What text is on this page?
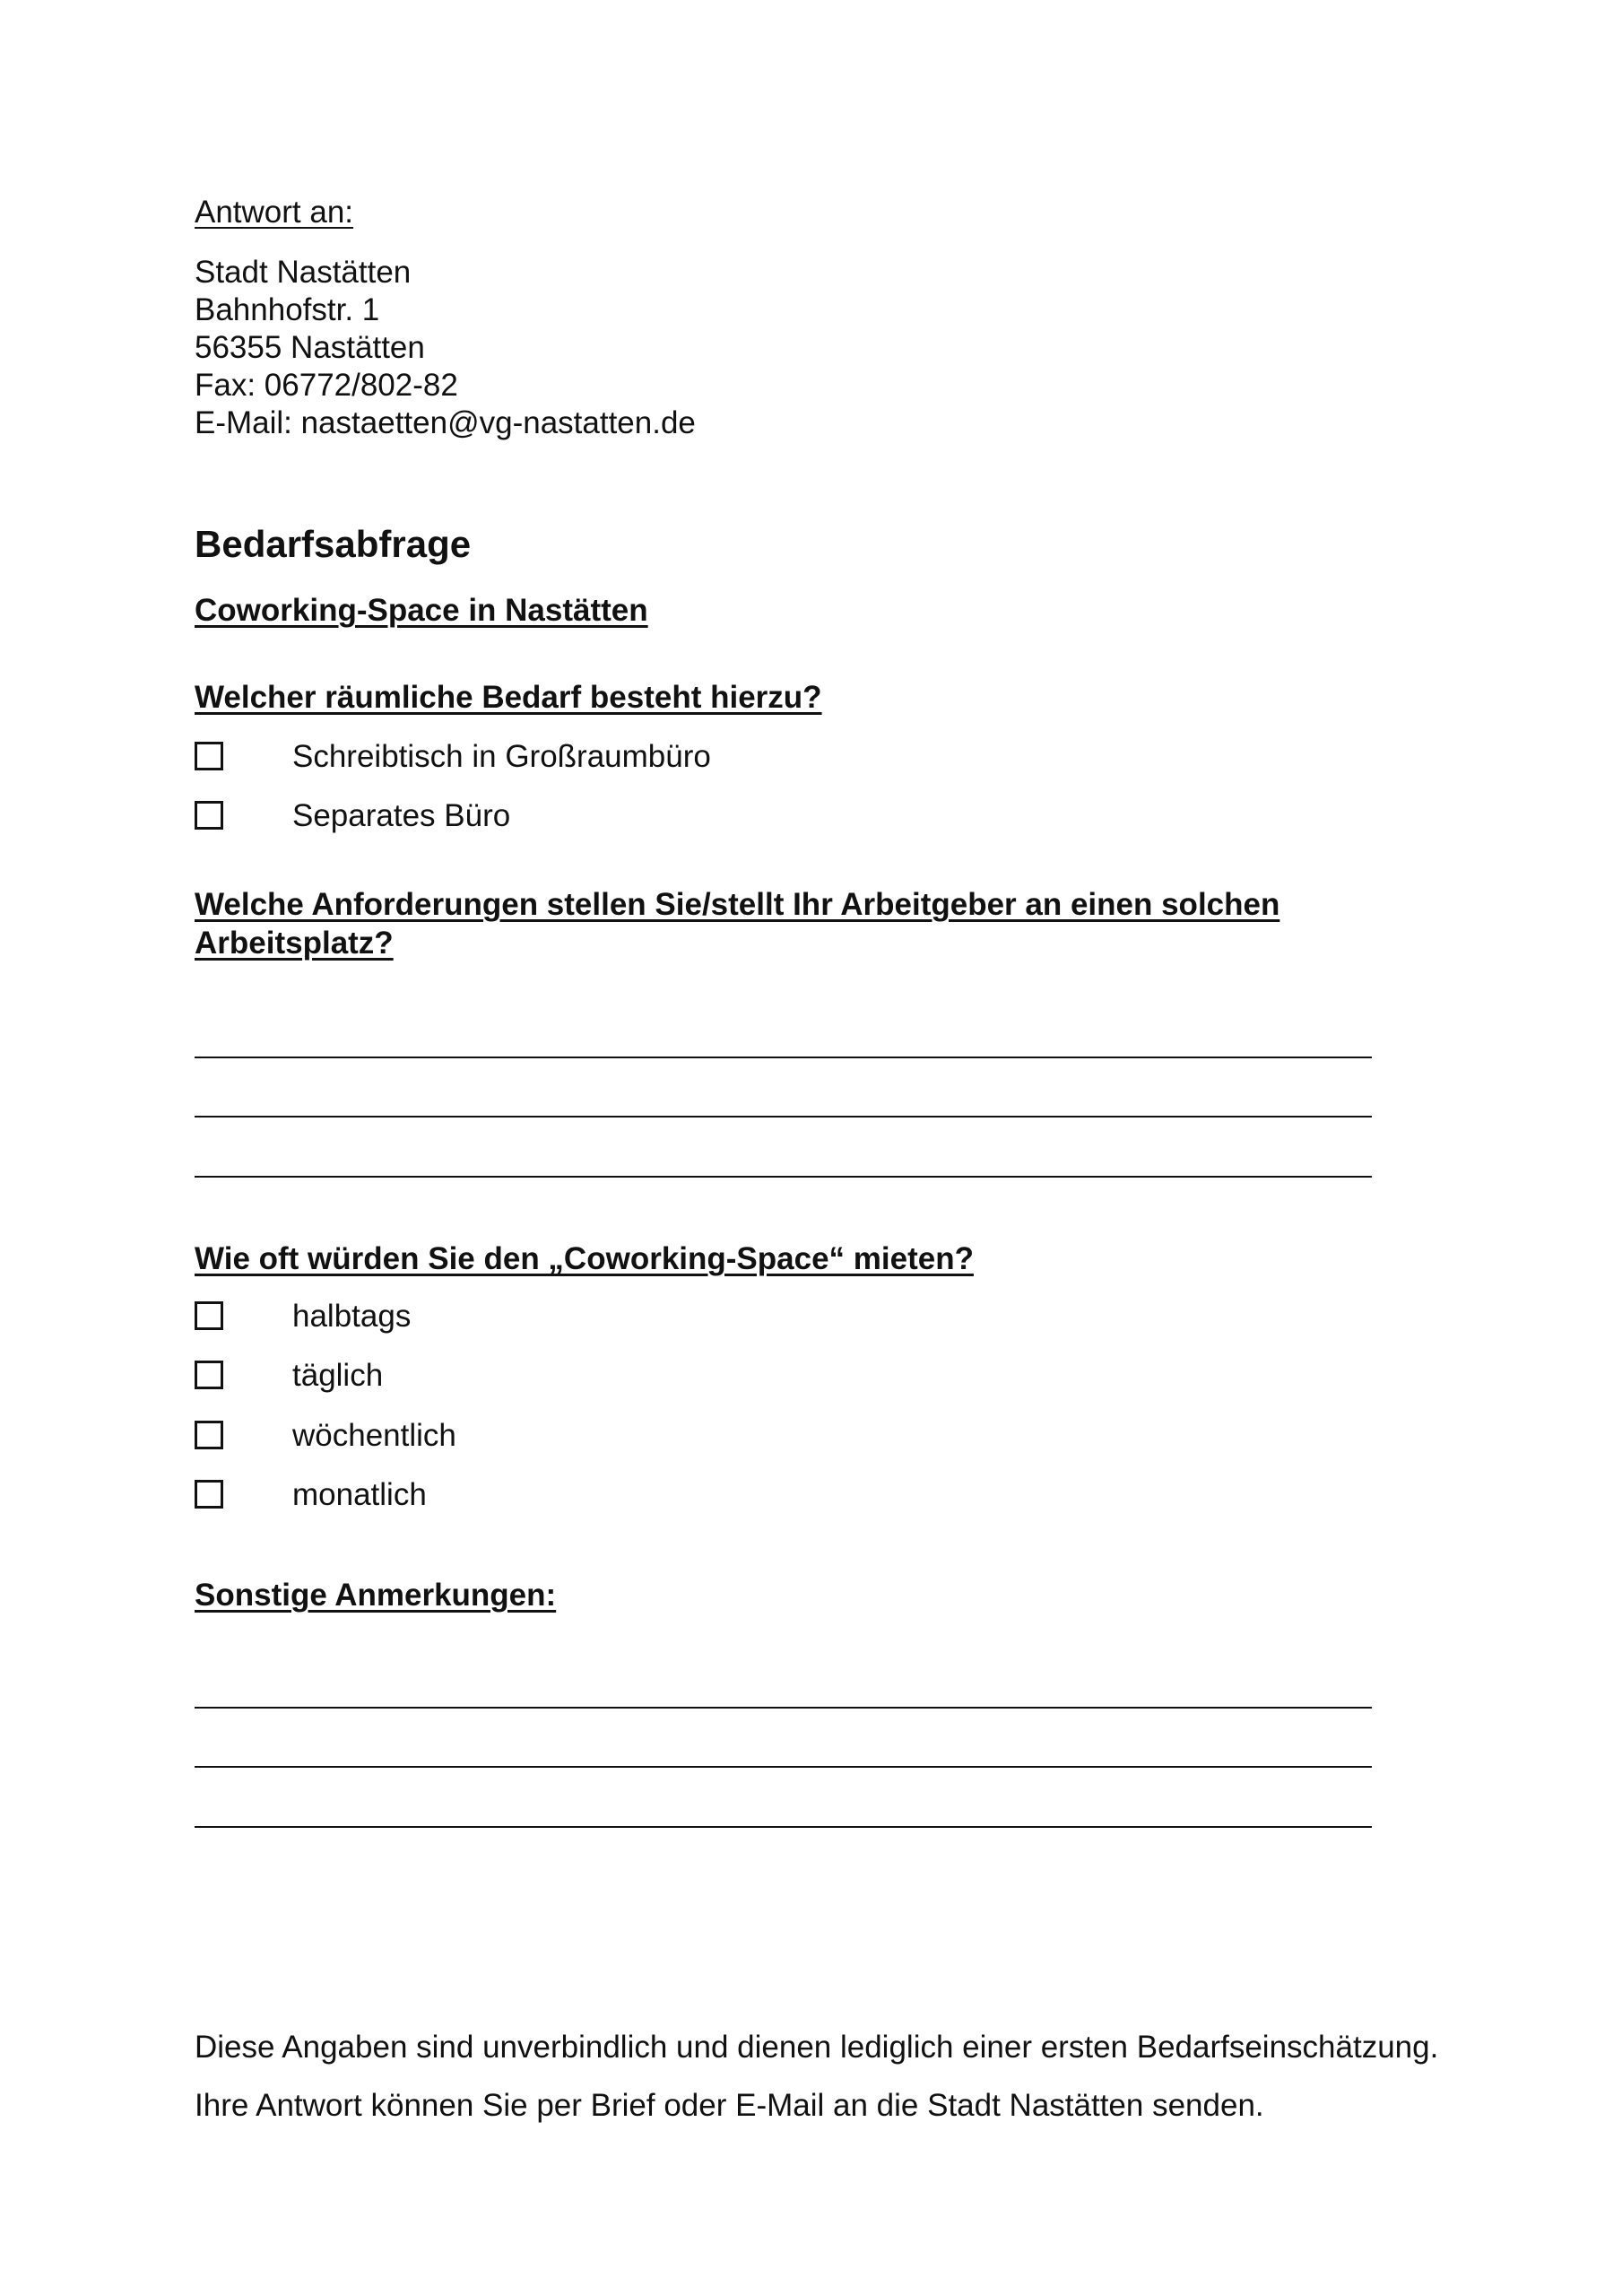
Antwort an:
Stadt Nastätten
Bahnhofstr. 1
56355 Nastätten
Fax: 06772/802-82
E-Mail: nastaetten@vg-nastatten.de
Bedarfsabfrage
Coworking-Space in Nastätten
Welcher räumliche Bedarf besteht hierzu?
Schreibtisch in Großraumbüro
Separates Büro
Welche Anforderungen stellen Sie/stellt Ihr Arbeitgeber an einen solchen
Arbeitsplatz?
Wie oft würden Sie den „Coworking-Space“ mieten?
halbtags
täglich
wöchentlich
monatlich
Sonstige Anmerkungen:
Diese Angaben sind unverbindlich und dienen lediglich einer ersten Bedarfseinschätzung.
Ihre Antwort können Sie per Brief oder E-Mail an die Stadt Nastätten senden.
